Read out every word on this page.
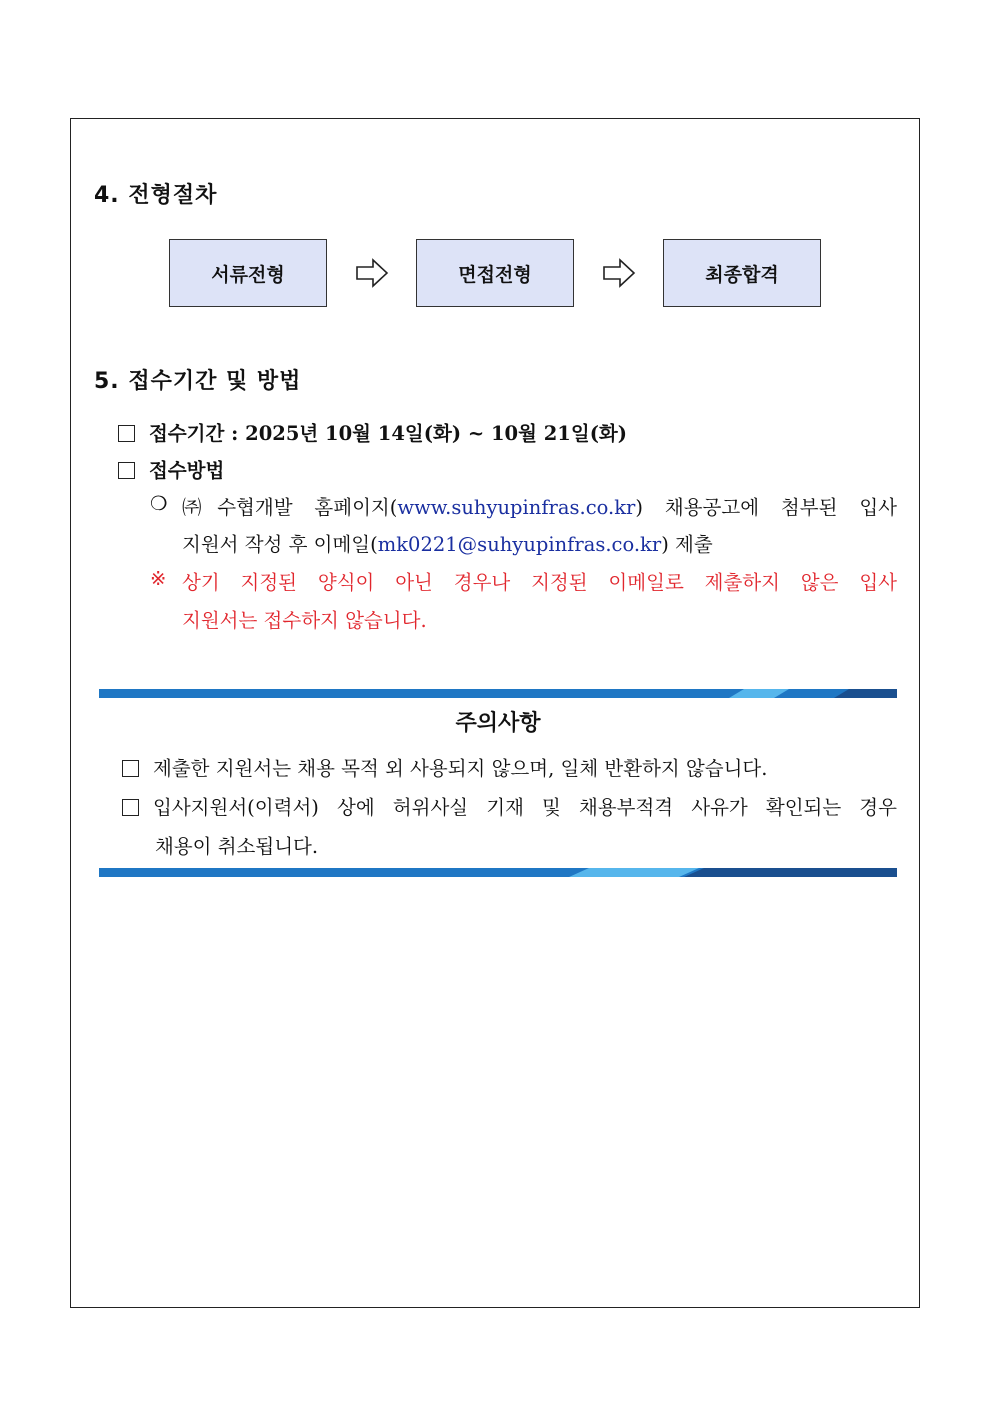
4. 전형절차
서류전형	면접전형	최종합격
5. 접수기간 및 방법
접수기간 : 2025년 10월 14일(화) ~ 10월 21일(화)
접수방법
❍ ㈜수협개발 홈페이지(www.suhyupinfras.co.kr) 채용공고에 첨부된 입사
지원서 작성 후 이메일(mk0221@suhyupinfras.co.kr) 제출
※ 상기 지정된 양식이 아닌 경우나 지정된 이메일로 제출하지 않은 입사
지원서는 접수하지 않습니다.
주의사항
제출한 지원서는 채용 목적 외 사용되지 않으며, 일체 반환하지 않습니다.
입사지원서(이력서) 상에 허위사실 기재 및 채용부적격 사유가 확인되는 경우
채용이 취소됩니다.
